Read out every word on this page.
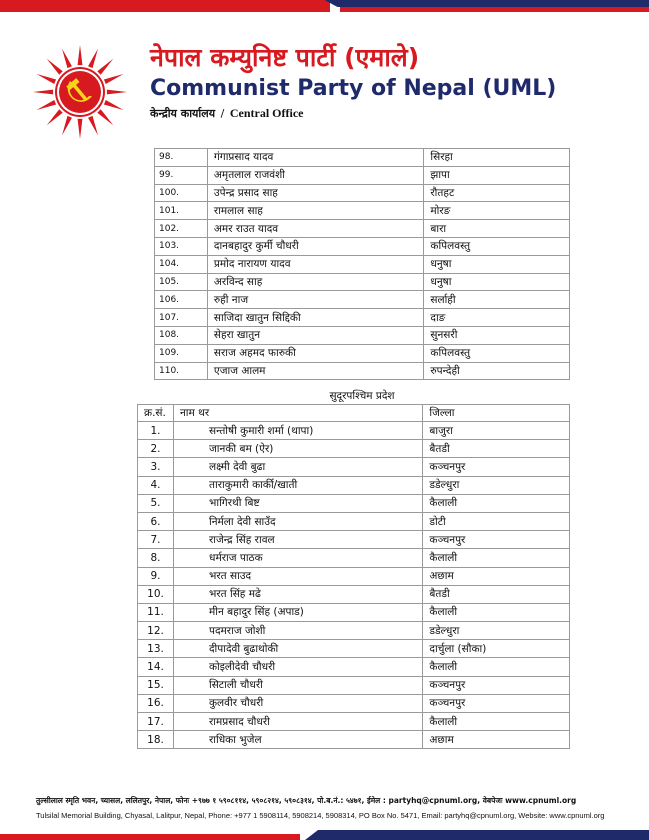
नेपाल कम्युनिष्ट पार्टी (एमाले)
Communist Party of Nepal (UML)
केन्द्रीय कार्यालय / Central Office
98.	गंगाप्रसाद यादव	सिरहा
99.	अमृतलाल राजवंशी	झापा
100.	उपेन्द्र प्रसाद साह	रौतहट
101.	रामलाल साह	मोरङ
102.	अमर राउत यादव	बारा
103.	दानबहादुर कुर्मी चौधरी	कपिलवस्तु
104.	प्रमोद नारायण यादव	धनुषा
105.	अरविन्द साह	धनुषा
106.	रुही नाज	सर्लाही
107.	साजिदा खातुन सिद्दिकी	दाङ
108.	सेहरा खातुन	सुनसरी
109.	सराज अहमद फारुकी	कपिलवस्तु
110.	एजाज आलम	रुपन्देही
सुदूरपश्चिम प्रदेश
क्र.सं.	नाम थर	जिल्ला
1.	सन्तोषी कुमारी शर्मा (थापा)	बाजुरा
2.	जानकी बम (ऐर)	बैतडी
3.	लक्ष्मी देवी बुढा	कञ्चनपुर
4.	ताराकुमारी कार्की/खाती	डडेल्धुरा
5.	भागिरथी बिष्ट	कैलाली
6.	निर्मला देवी साउँद	डोटी
7.	राजेन्द्र सिंह रावल	कञ्चनपुर
8.	धर्मराज पाठक	कैलाली
9.	भरत साउद	अछाम
10.	भरत सिंह मढे	बैतडी
11.	मीन बहादुर सिंह (अपाड)	कैलाली
12.	पदमराज जोशी	डडेल्धुरा
13.	दीपादेवी बुढाथोकी	दार्चुला (सौका)
14.	कोइलीदेवी चौधरी	कैलाली
15.	सिटाली चौधरी	कञ्चनपुर
16.	कुलवीर चौधरी	कञ्चनपुर
17.	रामप्रसाद चौधरी	कैलाली
18.	राधिका भुजेल	अछाम
तुल्सीलाल स्मृति भवन, च्यासल, ललितपुर, नेपाल, फोनः +९७७ १ ५९०८११४, ५९०८२१४, ५९०८३१४, पो.ब.नं.: ५४७१, ईमेल : partyhq@cpnuml.org, वेबपेजः www.cpnuml.org
Tulsilal Memorial Building, Chyasal, Lalitpur, Nepal, Phone: +977 1 5908114, 5908214, 5908314, PO Box No. 5471, Email: partyhq@cpnuml.org, Website: www.cpnuml.org
